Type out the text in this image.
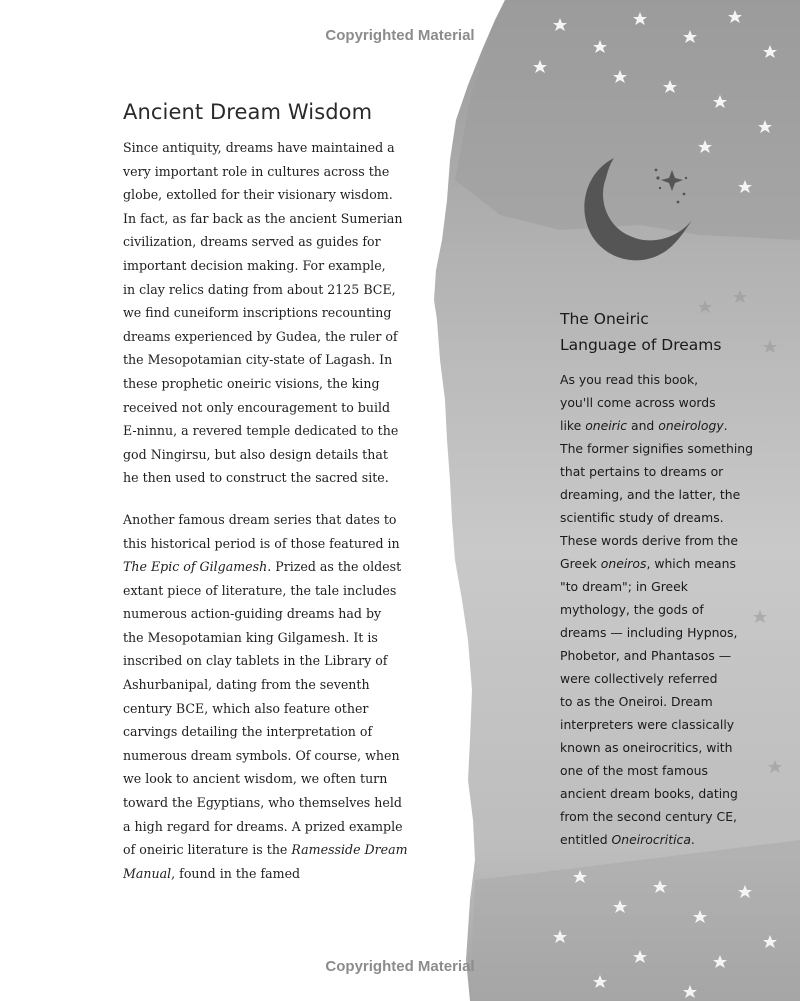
Copyrighted Material
Copyrighted Material
Ancient Dream Wisdom

Since antiquity, dreams have maintained a
very important role in cultures across the
globe, extolled for their visionary wisdom.
In fact, as far back as the ancient Sumerian
civilization, dreams served as guides for
important decision making. For example,
in clay relics dating from about 2125 BCE,
we find cuneiform inscriptions recounting
dreams experienced by Gudea, the ruler of
the Mesopotamian city-state of Lagash. In
these prophetic oneiric visions, the king
received not only encouragement to build
E-ninnu, a revered temple dedicated to the
god Ningirsu, but also design details that
he then used to construct the sacred site.

Another famous dream series that dates to
this historical period is of those featured in
The Epic of Gilgamesh. Prized as the oldest
extant piece of literature, the tale includes
numerous action-guiding dreams had by
the Mesopotamian king Gilgamesh. It is
inscribed on clay tablets in the Library of
Ashurbanipal, dating from the seventh
century BCE, which also feature other
carvings detailing the interpretation of
numerous dream symbols. Of course, when
we look to ancient wisdom, we often turn
toward the Egyptians, who themselves held
a high regard for dreams. A prized example
of oneiric literature is the Ramesside Dream
Manual, found in the famed

The Oneiric
Language of Dreams

As you read this book,
you'll come across words
like oneiric and oneirology.
The former signifies something
that pertains to dreams or
dreaming, and the latter, the
scientific study of dreams.
These words derive from the
Greek oneiros, which means
"to dream"; in Greek
mythology, the gods of
dreams — including Hypnos,
Phobetor, and Phantasos —
were collectively referred
to as the Oneiroi. Dream
interpreters were classically
known as oneirocritics, with
one of the most famous
ancient dream books, dating
from the second century CE,
entitled Oneirocritica.
